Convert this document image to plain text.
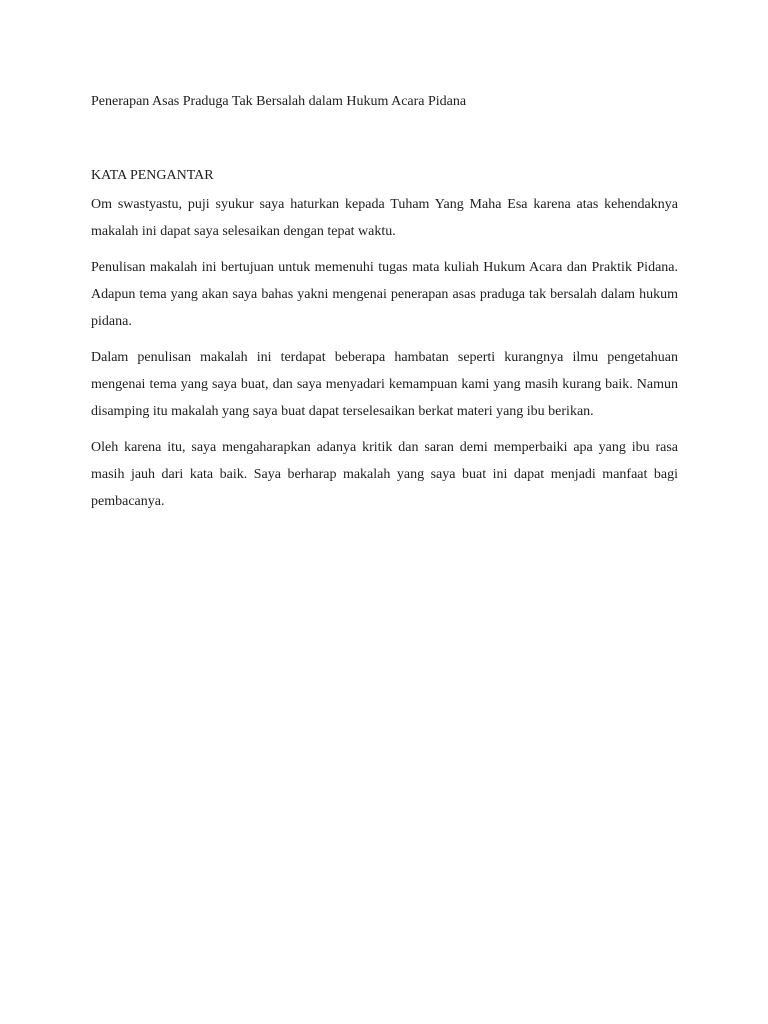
Penerapan Asas Praduga Tak Bersalah dalam Hukum Acara Pidana
KATA PENGANTAR

Om swastyastu, puji syukur saya haturkan kepada Tuham Yang Maha Esa karena atas kehendaknya makalah ini dapat saya selesaikan dengan tepat waktu.

Penulisan makalah ini bertujuan untuk memenuhi tugas mata kuliah Hukum Acara dan Praktik Pidana. Adapun tema yang akan saya bahas yakni mengenai penerapan asas praduga tak bersalah dalam hukum pidana.

Dalam penulisan makalah ini terdapat beberapa hambatan seperti kurangnya ilmu pengetahuan mengenai tema yang saya buat, dan saya menyadari kemampuan kami yang masih kurang baik. Namun disamping itu makalah yang saya buat dapat terselesaikan berkat materi yang ibu berikan.

Oleh karena itu, saya mengaharapkan adanya kritik dan saran demi memperbaiki apa yang ibu rasa masih jauh dari kata baik. Saya berharap makalah yang saya buat ini dapat menjadi manfaat bagi pembacanya.
